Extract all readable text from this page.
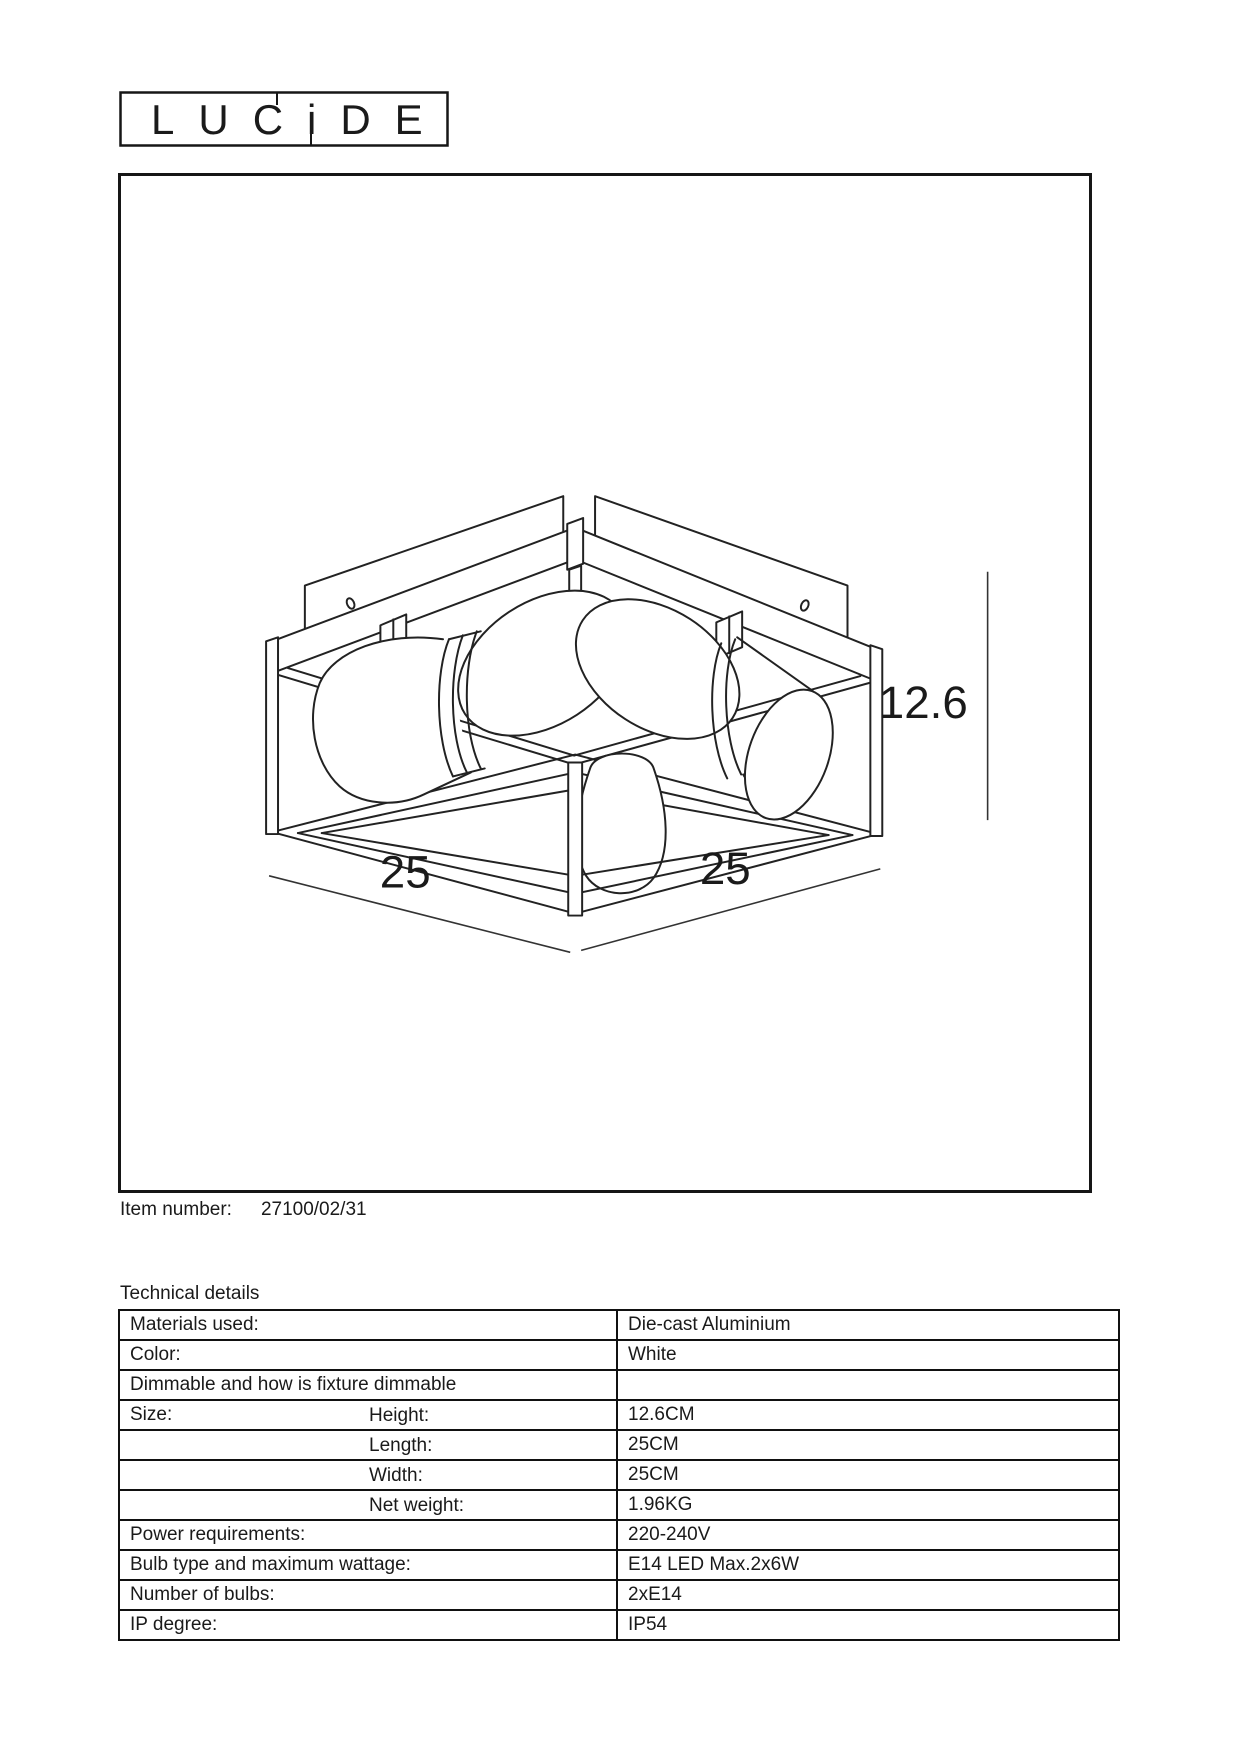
LUCiDE
25	25
12.6
Item number: 27100/02/31
Technical details
Materials used:	Die-cast Aluminium
Color:	White
Dimmable and how is fixture dimmable

Size: Height:	12.6CM

Length:	25CM

Width:	25CM

Net weight:	1.96KG
Power requirements:	220-240V
Bulb type and maximum wattage:	E14 LED Max.2x6W
Number of bulbs:	2xE14
IP degree:	IP54
